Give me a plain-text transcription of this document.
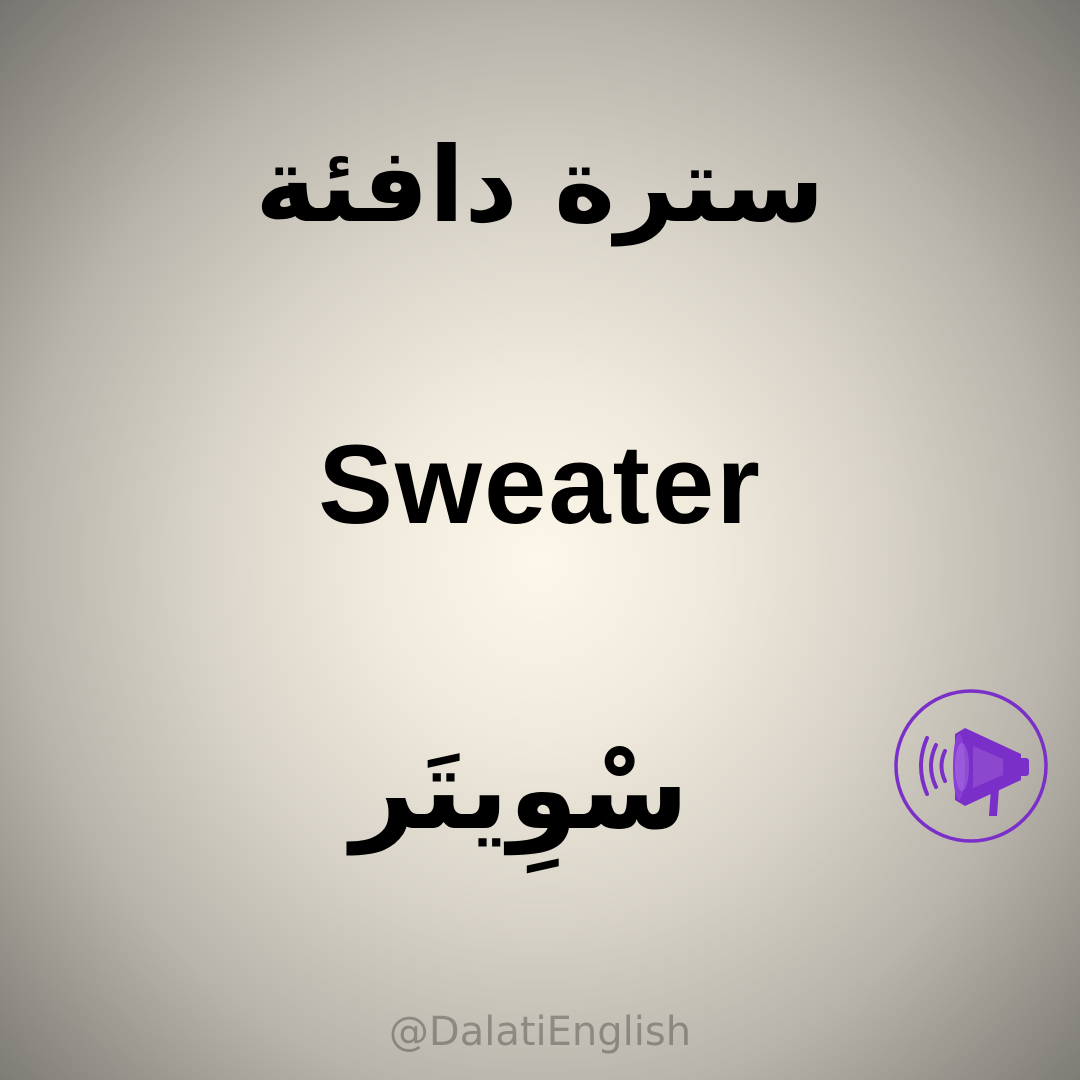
سترة دافئة
Sweater
سْوِيتَر
@DalatiEnglish
